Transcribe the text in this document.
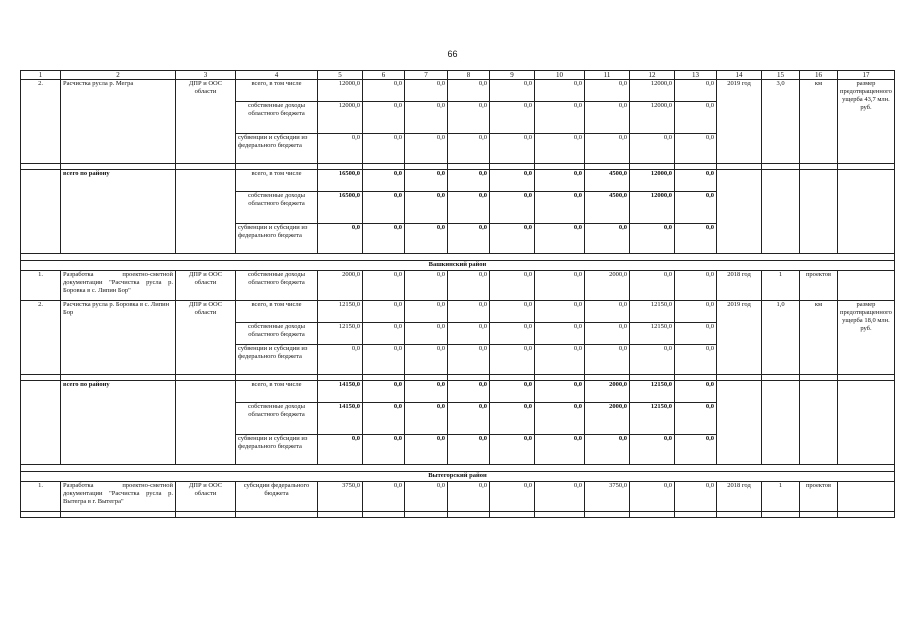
66
1	2	3	4	5	6	7	8	9	10	11	12	13	14	15	16	17
2.	Расчистка русла р. Мегра	ДПР и ООС области	всего, в том числе	12000,0	0,0	0,0	0,0	0,0	0,0	0,0	12000,0	0,0	2019 год	3,0	км	размер предотвращенного ущерба 43,7 млн. руб.
			собственные доходы областного бюджета	12000,0	0,0	0,0	0,0	0,0	0,0	0,0	12000,0	0,0				
			субвенции и субсидии из федерального бюджета	0,0	0,0	0,0	0,0	0,0	0,0	0,0	0,0	0,0				

	всего по району		всего, в том числе	16500,0	0,0	0,0	0,0	0,0	0,0	4500,0	12000,0	0,0				
			собственные доходы областного бюджета	16500,0	0,0	0,0	0,0	0,0	0,0	4500,0	12000,0	0,0				
			субвенции и субсидии из федерального бюджета	0,0	0,0	0,0	0,0	0,0	0,0	0,0	0,0	0,0				

Вашкинский район																
1.	Разработка проектно-сметной документации "Расчистка русла р. Боровка в с. Липин Бор"	ДПР и ООС области	собственные доходы областного бюджета	2000,0	0,0	0,0	0,0	0,0	0,0	2000,0	0,0	0,0	2018 год	1	проектов	
2.	Расчистка русла р. Боровка в с. Липин Бор	ДПР и ООС области	всего, в том числе	12150,0	0,0	0,0	0,0	0,0	0,0	0,0	12150,0	0,0	2019 год	1,0	км	размер предотвращенного ущерба 18,0 млн. руб.
			собственные доходы областного бюджета	12150,0	0,0	0,0	0,0	0,0	0,0	0,0	12150,0	0,0				
			субвенции и субсидии из федерального бюджета	0,0	0,0	0,0	0,0	0,0	0,0	0,0	0,0	0,0				

	всего по району		всего, в том числе	14150,0	0,0	0,0	0,0	0,0	0,0	2000,0	12150,0	0,0				
			собственные доходы областного бюджета	14150,0	0,0	0,0	0,0	0,0	0,0	2000,0	12150,0	0,0				
			субвенции и субсидии из федерального бюджета	0,0	0,0	0,0	0,0	0,0	0,0	0,0	0,0	0,0				

Вытегорский район																
1.	Разработка проектно-сметной документации "Расчистка русла р. Вытегра в г. Вытегра"	ДПР и ООС области	субсидии федерального бюджета	3750,0	0,0	0,0	0,0	0,0	0,0	3750,0	0,0	0,0	2018 год	1	проектов	
